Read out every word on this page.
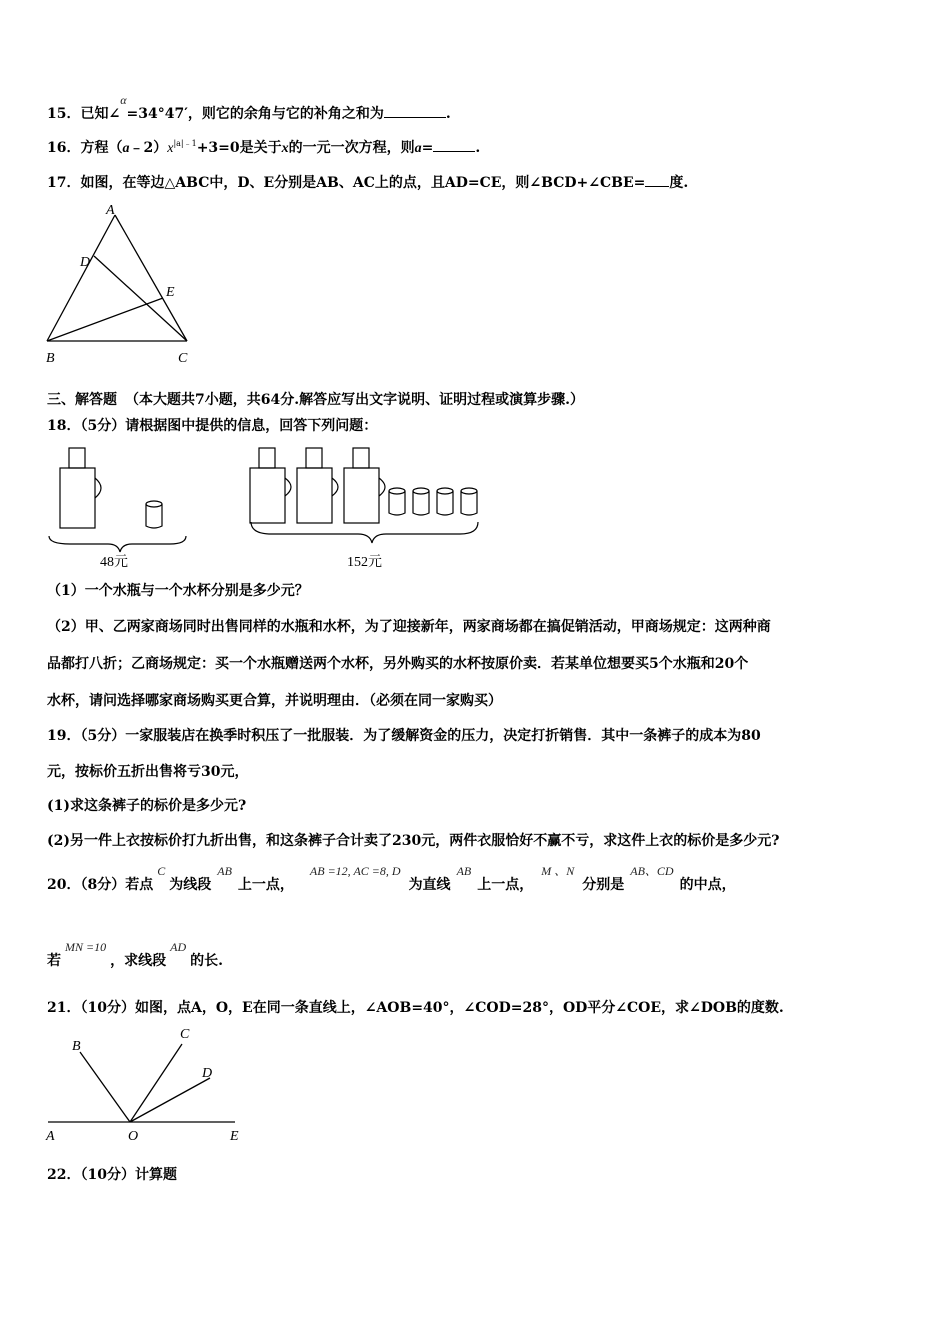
15．已知∠α=34°47′，则它的余角与它的补角之和为	.
16．方程$(a﹣2)x^{|a|﹣1}+3=0$是关于x的一元一次方程，则a=	.
17．如图，在等边△ABC中，D、E分别是AB、AC上的点，且AD=CE，则∠BCD+∠CBE= 度.
A
D
E
B	C
三、解答题 （本大题共7小题，共64分.解答应写出文字说明、证明过程或演算步骤.）
18．（5分）请根据图中提供的信息，回答下列问题：
48元	152元
（1）一个水瓶与一个水杯分别是多少元？
（2）甲、乙两家商场同时出售同样的水瓶和水杯，为了迎接新年，两家商场都在搞促销活动，甲商场规定：这两种商
品都打八折；乙商场规定：买一个水瓶赠送两个水杯，另外购买的水杯按原价卖．若某单位想要买5个水瓶和20个
水杯，请问选择哪家商场购买更合算，并说明理由．（必须在同一家购买）
19．（5分）一家服装店在换季时积压了一批服装．为了缓解资金的压力，决定打折销售．其中一条裤子的成本为80
元，按标价五折出售将亏30元，
(1)求这条裤子的标价是多少元?
(2)另一件上衣按标价打九折出售，和这条裤子合计卖了230元，两件衣服恰好不赢不亏，求这件上衣的标价是多少元?
20．（8分）若点C为线段AB上一点，AB =12, AC =8, D为直线AB上一点，M 、N分别是AB、CD的中点，
若MN =10，求线段AD的长.
21．（10分）如图，点A，O，E在同一条直线上，∠AOB=40°，∠COD=28°，OD平分∠COE，求∠DOB的度数.
B
C
D
A	O	E
22．（10分）计算题
